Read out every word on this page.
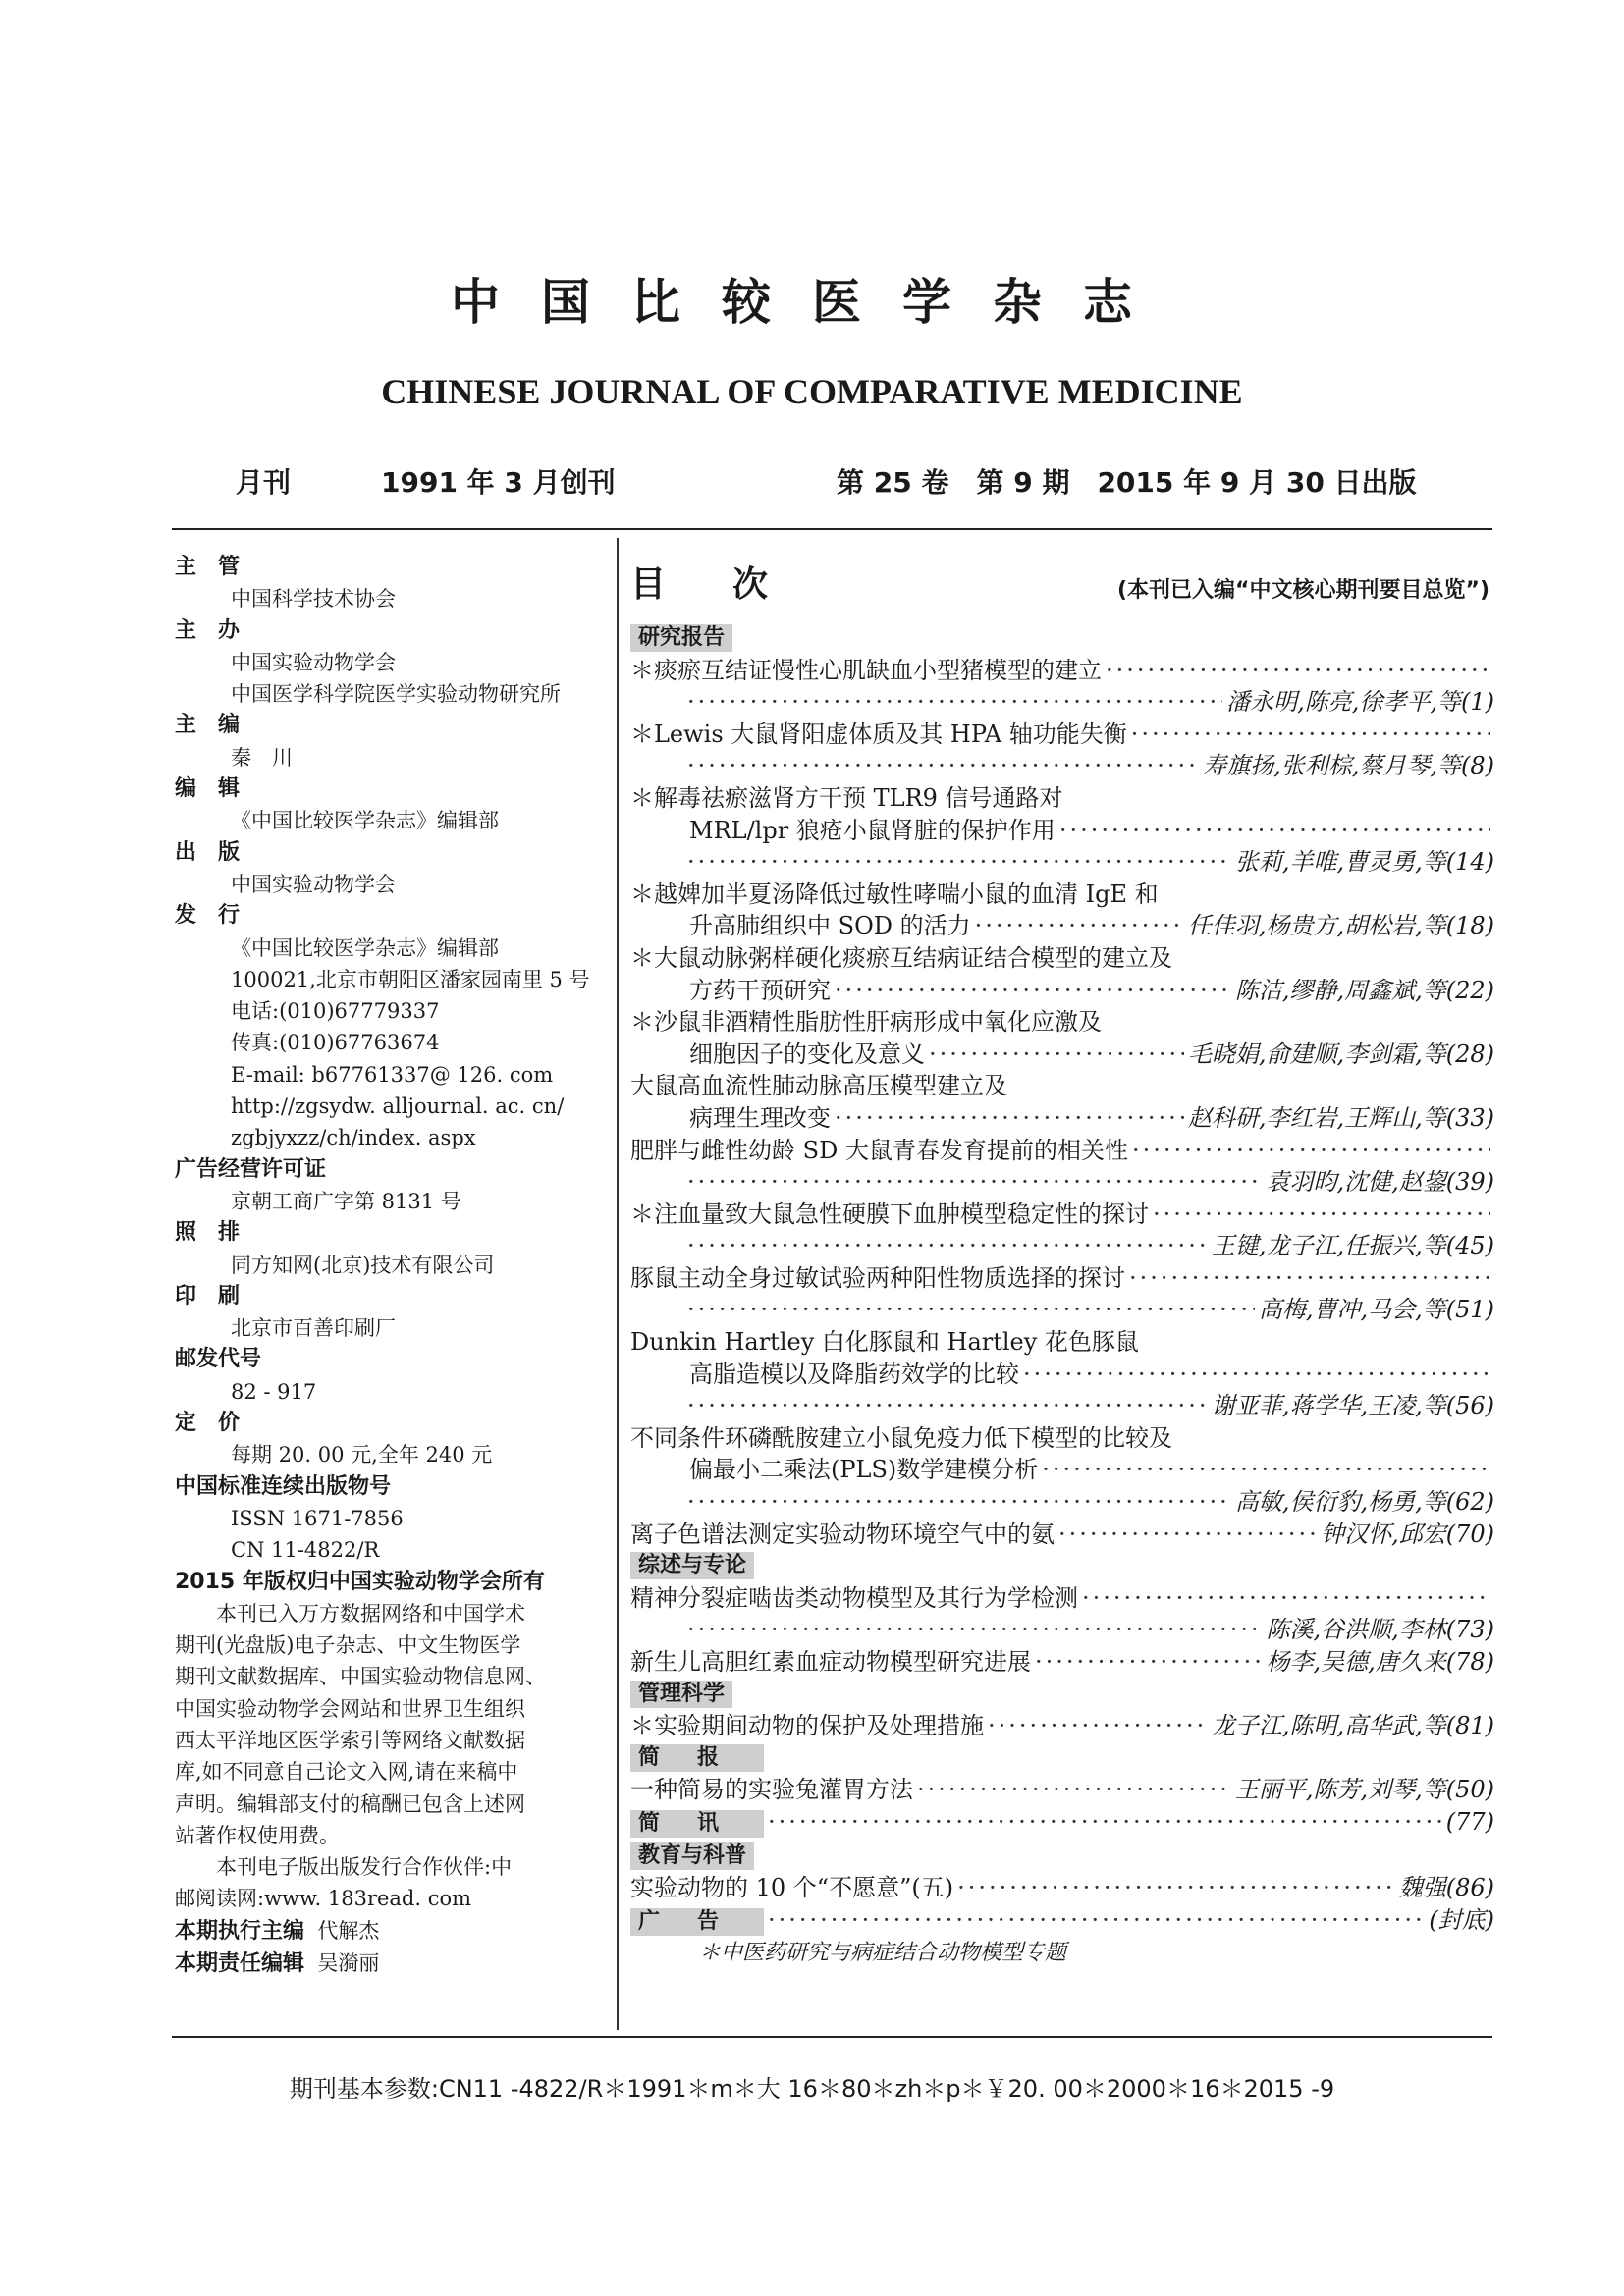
中国比较医学杂志
CHINESE JOURNAL OF COMPARATIVE MEDICINE
月刊	1991 年 3 月创刊	第 25 卷　第 9 期　2015 年 9 月 30 日出版
主管
中国科学技术协会
主办
中国实验动物学会
中国医学科学院医学实验动物研究所
主编
秦　川
编辑
《中国比较医学杂志》编辑部
出版
中国实验动物学会
发行
《中国比较医学杂志》编辑部
100021,北京市朝阳区潘家园南里 5 号
电话:(010)67779337
传真:(010)67763674
E-mail: b67761337@ 126. com
http://zgsydw. alljournal. ac. cn/
zgbjyxzz/ch/index. aspx
广告经营许可证
京朝工商广字第 8131 号
照排
同方知网(北京)技术有限公司
印刷
北京市百善印刷厂
邮发代号
82 - 917
定价
每期 20. 00 元,全年 240 元
中国标准连续出版物号
ISSN 1671-7856
CN 11-4822/R
2015 年版权归中国实验动物学会所有
本刊已入万方数据网络和中国学术
期刊(光盘版)电子杂志、中文生物医学
期刊文献数据库、中国实验动物信息网、
中国实验动物学会网站和世界卫生组织
西太平洋地区医学索引等网络文献数据
库,如不同意自己论文入网,请在来稿中
声明。编辑部支付的稿酬已包含上述网
站著作权使用费。
本刊电子版出版发行合作伙伴:中
邮阅读网:www. 183read. com
本期执行主编 代解杰
本期责任编辑 吴漪丽
目次	(本刊已入编“中文核心期刊要目总览”)
研究报告
＊痰瘀互结证慢性心肌缺血小型猪模型的建立
·····
·····
潘永明,陈亮,徐孝平,等(1)
＊Lewis 大鼠肾阳虚体质及其 HPA 轴功能失衡
·····
·····
寿旗扬,张利棕,蔡月琴,等(8)
＊解毒祛瘀滋肾方干预 TLR9 信号通路对
MRL/lpr 狼疮小鼠肾脏的保护作用
·····
·····
张莉,羊唯,曹灵勇,等(14)
＊越婢加半夏汤降低过敏性哮喘小鼠的血清 IgE 和
升高肺组织中 SOD 的活力 ·····	任佳羽,杨贵方,胡松岩,等(18)
＊大鼠动脉粥样硬化痰瘀互结病证结合模型的建立及
方药干预研究 ·····	陈洁,缪静,周鑫斌,等(22)
＊沙鼠非酒精性脂肪性肝病形成中氧化应激及
细胞因子的变化及意义 ·····	毛晓娟,俞建顺,李剑霜,等(28)
大鼠高血流性肺动脉高压模型建立及
病理生理改变 ·····	赵科研,李红岩,王辉山,等(33)
肥胖与雌性幼龄 SD 大鼠青春发育提前的相关性
·····
·····
袁羽昀,沈健,赵鋆(39)
＊注血量致大鼠急性硬膜下血肿模型稳定性的探讨
·····
·····
王键,龙子江,任振兴,等(45)
豚鼠主动全身过敏试验两种阳性物质选择的探讨
·····
·····
高梅,曹冲,马会,等(51)
Dunkin Hartley 白化豚鼠和 Hartley 花色豚鼠
高脂造模以及降脂药效学的比较
·····
·····
谢亚菲,蒋学华,王凌,等(56)
不同条件环磷酰胺建立小鼠免疫力低下模型的比较及
偏最小二乘法(PLS)数学建模分析
·····
·····
高敏,侯衍豹,杨勇,等(62)
离子色谱法测定实验动物环境空气中的氨 ·····	钟汉怀,邱宏(70)
综述与专论
精神分裂症啮齿类动物模型及其行为学检测
·····
·····
陈溪,谷洪顺,李林(73)
新生儿高胆红素血症动物模型研究进展 ·····	杨李,吴德,唐久来(78)
管理科学
＊实验期间动物的保护及处理措施 ·····	龙子江,陈明,高华武,等(81)
简报
一种简易的实验兔灌胃方法 ·····	王丽平,陈芳,刘琴,等(50)
简讯 ·····	(77)
教育与科普
实验动物的 10 个“不愿意”(五) ·····	魏强(86)
广告 ·····	(封底)
＊中医药研究与病症结合动物模型专题
期刊基本参数:CN11 -4822/R＊1991＊m＊大 16＊80＊zh＊p＊￥20. 00＊2000＊16＊2015 -9
